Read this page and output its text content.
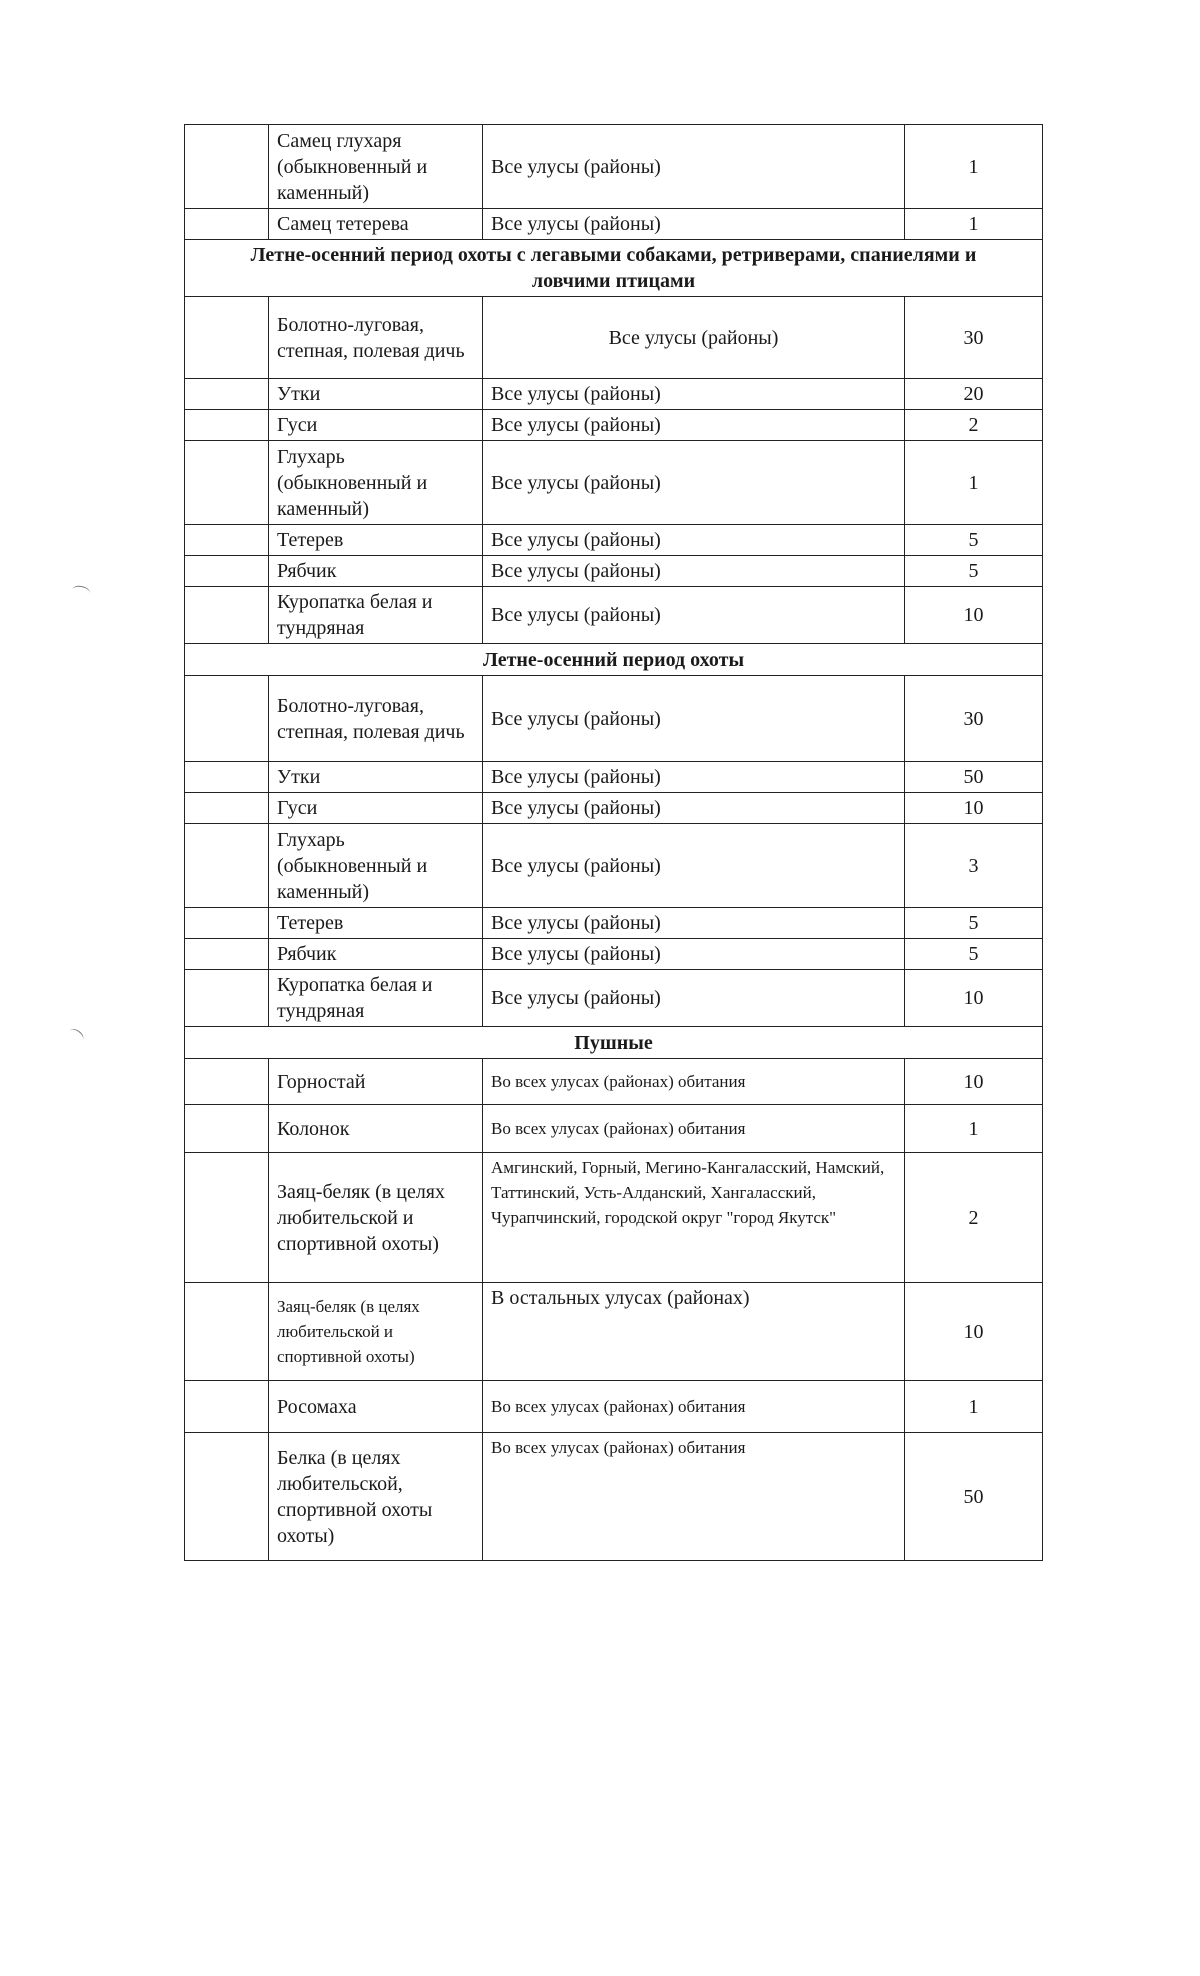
	Самец глухаря (обыкновенный и каменный)	Все улусы (районы)	1
	Самец тетерева	Все улусы (районы)	1
Летне-осенний период охоты с легавыми собаками, ретриверами, спаниелями и ловчими птицами			
	Болотно-луговая, степная, полевая дичь	Все улусы (районы)	30
	Утки	Все улусы (районы)	20
	Гуси	Все улусы (районы)	2
	Глухарь (обыкновенный и каменный)	Все улусы (районы)	1
	Тетерев	Все улусы (районы)	5
	Рябчик	Все улусы (районы)	5
	Куропатка белая и тундряная	Все улусы (районы)	10
Летне-осенний период охоты			
	Болотно-луговая, степная, полевая дичь	Все улусы (районы)	30
	Утки	Все улусы (районы)	50
	Гуси	Все улусы (районы)	10
	Глухарь (обыкновенный и каменный)	Все улусы (районы)	3
	Тетерев	Все улусы (районы)	5
	Рябчик	Все улусы (районы)	5
	Куропатка белая и тундряная	Все улусы (районы)	10
Пушные			
	Горностай	Во всех улусах (районах) обитания	10
	Колонок	Во всех улусах (районах) обитания	1
	Заяц-беляк (в целях любительской и спортивной охоты)	Амгинский, Горный, Мегино-Кангаласский, Намский, Таттинский, Усть-Алданский, Хангаласский, Чурапчинский, городской округ "город Якутск"	2
	Заяц-беляк (в целях любительской и спортивной охоты)	В остальных улусах (районах)	10
	Росомаха	Во всех улусах (районах) обитания	1
	Белка (в целях любительской, спортивной охоты охоты)	Во всех улусах (районах) обитания	50
